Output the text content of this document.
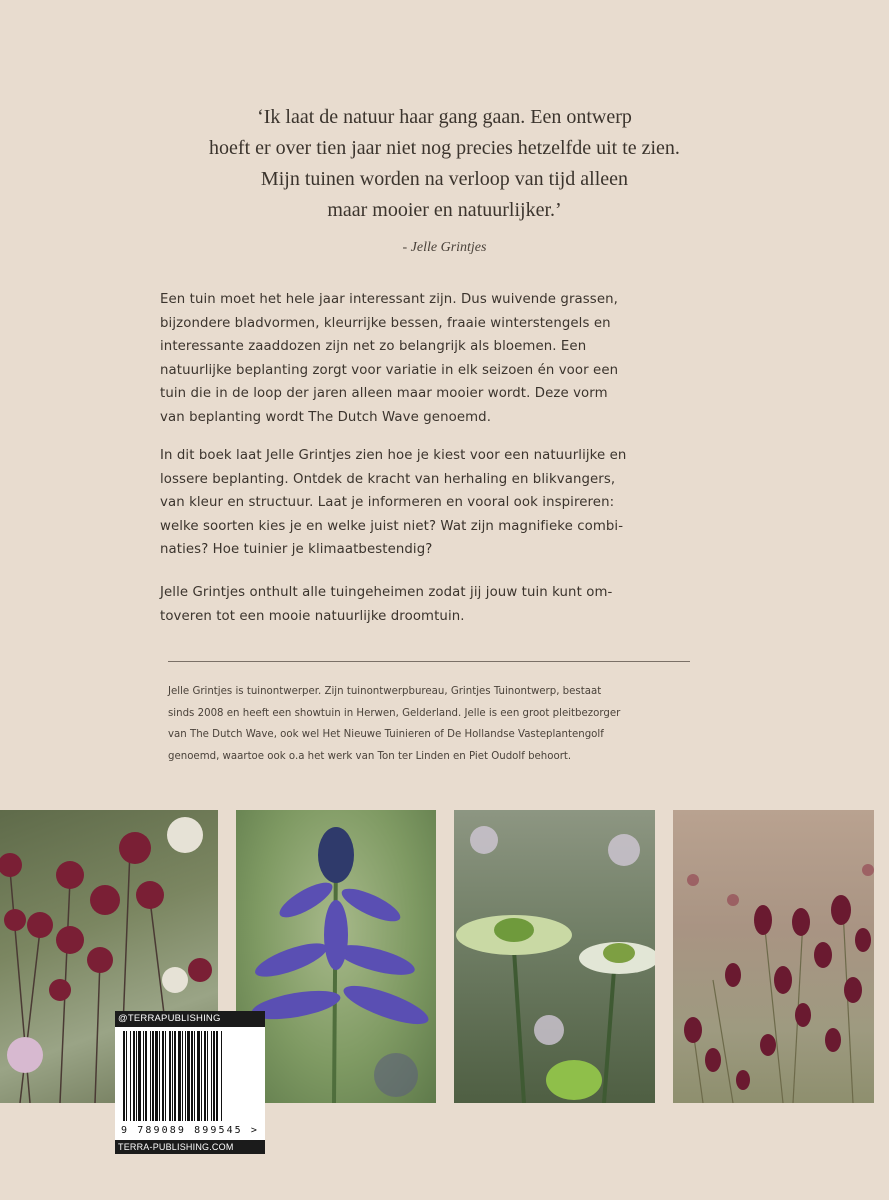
‘Ik laat de natuur haar gang gaan. Een ontwerp
hoeft er over tien jaar niet nog precies hetzelfde uit te zien.
Mijn tuinen worden na verloop van tijd alleen
maar mooier en natuurlijker.’
- Jelle Grintjes
Een tuin moet het hele jaar interessant zijn. Dus wuivende grassen,
bijzondere bladvormen, kleurrijke bessen, fraaie winterstengels en
interessante zaaddozen zijn net zo belangrijk als bloemen. Een
natuurlijke beplanting zorgt voor variatie in elk seizoen én voor een
tuin die in de loop der jaren alleen maar mooier wordt. Deze vorm
van beplanting wordt The Dutch Wave genoemd.
In dit boek laat Jelle Grintjes zien hoe je kiest voor een natuurlijke en
lossere beplanting. Ontdek de kracht van herhaling en blikvangers,
van kleur en structuur. Laat je informeren en vooral ook inspireren:
welke soorten kies je en welke juist niet? Wat zijn magnifieke combi-
naties? Hoe tuinier je klimaatbestendig?
Jelle Grintjes onthult alle tuingeheimen zodat jij jouw tuin kunt om-
toveren tot een mooie natuurlijke droomtuin.
Jelle Grintjes is tuinontwerper. Zijn tuinontwerpbureau, Grintjes Tuinontwerp, bestaat
sinds 2008 en heeft een showtuin in Herwen, Gelderland. Jelle is een groot pleitbezorger
van The Dutch Wave, ook wel Het Nieuwe Tuinieren of De Hollandse Vasteplantengolf
genoemd, waartoe ook o.a het werk van Ton ter Linden en Piet Oudolf behoort.
@TERRAPUBLISHING
9 789089 899545 >
TERRA-PUBLISHING.COM
